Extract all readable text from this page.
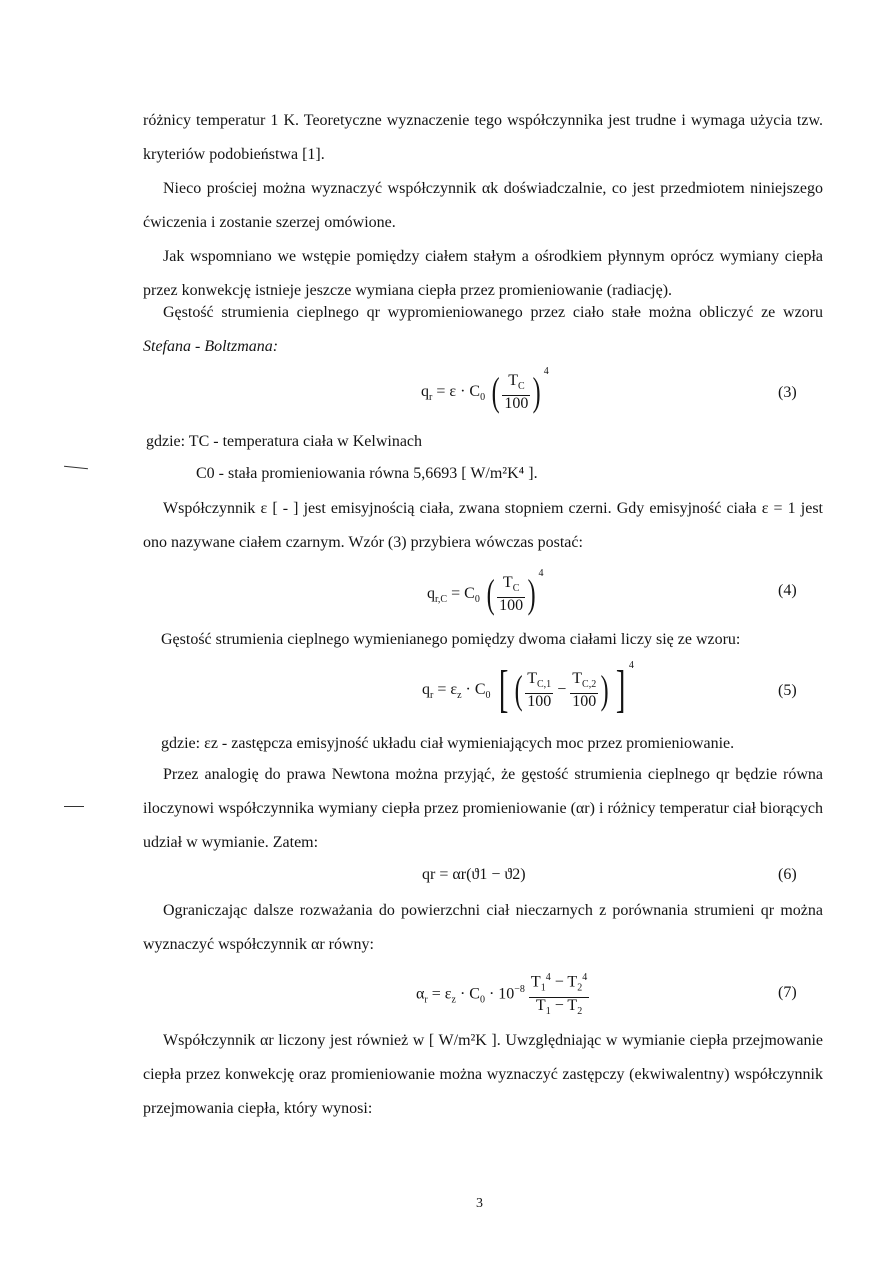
różnicy temperatur 1 K. Teoretyczne wyznaczenie tego współczynnika jest trudne i wymaga użycia tzw. kryteriów podobieństwa [1].

Nieco prościej można wyznaczyć współczynnik αk doświadczalnie, co jest przedmiotem niniejszego ćwiczenia i zostanie szerzej omówione.

Jak wspomniano we wstępie pomiędzy ciałem stałym a ośrodkiem płynnym oprócz wymiany ciepła przez konwekcję istnieje jeszcze wymiana ciepła przez promieniowanie (radiację).

Gęstość strumienia cieplnego qr wypromieniowanego przez ciało stałe można obliczyć ze wzoru Stefana - Boltzmana:

$q_r = \varepsilon \cdot C_0$ ( $\frac{T_C}{100}$ ) $^4$
(3)
gdzie: TC - temperatura ciała w Kelwinach
C0 - stała promieniowania równa 5,6693 [ W/m²K⁴ ].

Współczynnik ε [ - ] jest emisyjnością ciała, zwana stopniem czerni. Gdy emisyjność ciała ε = 1 jest ono nazywane ciałem czarnym. Wzór (3) przybiera wówczas postać:

$q_{r,C} = C_0$ ( $\frac{T_C}{100}$ ) $^4$
(4)
Gęstość strumienia cieplnego wymienianego pomiędzy dwoma ciałami liczy się ze wzoru:
$q_r = \varepsilon_z \cdot C_0$ [ ( $\frac{T_{C,1}}{100} - \frac{T_{C,2}}{100}$ ) ] $^4$
(5)
gdzie: εz - zastępcza emisyjność układu ciał wymieniających moc przez promieniowanie.

Przez analogię do prawa Newtona można przyjąć, że gęstość strumienia cieplnego qr będzie równa iloczynowi współczynnika wymiany ciepła przez promieniowanie (αr) i różnicy temperatur ciał biorących udział w wymianie. Zatem:

qr = αr(ϑ1 − ϑ2)	(6)

Ograniczając dalsze rozważania do powierzchni ciał nieczarnych z porównania strumieni qr można wyznaczyć współczynnik αr równy:

$\alpha_r = \varepsilon_z \cdot C_0 \cdot 10^{-8} \frac{T_1^4 - T_2^4}{T_1 - T_2}$	(7)

Współczynnik αr liczony jest również w [ W/m²K ]. Uwzględniając w wymianie ciepła przejmowanie ciepła przez konwekcję oraz promieniowanie można wyznaczyć zastępczy (ekwiwalentny) współczynnik przejmowania ciepła, który wynosi:

3
